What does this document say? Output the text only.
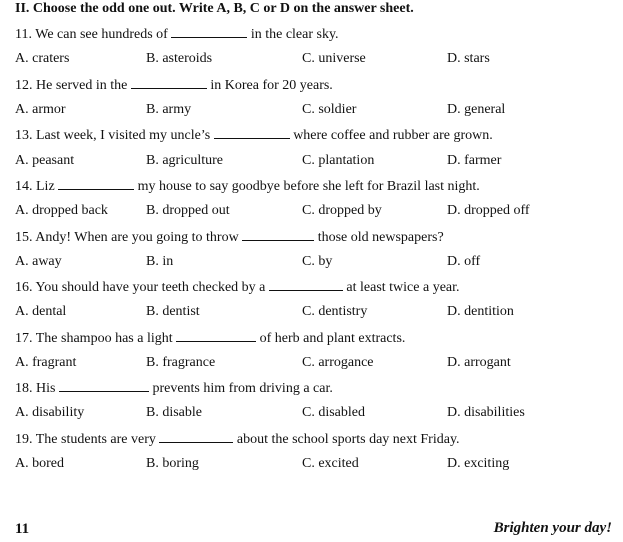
II. Choose the odd one out. Write A, B, C or D on the answer sheet.
11. We can see hundreds of	in the clear sky.
A. craters	B. asteroids	C. universe	D. stars
12. He served in the	in Korea for 20 years.
A. armor	B. army	C. soldier	D. general
13. Last week, I visited my uncle’s	where coffee and rubber are grown.
A. peasant	B. agriculture	C. plantation	D. farmer
14. Liz	my house to say goodbye before she left for Brazil last night.
A. dropped back	B. dropped out	C. dropped by	D. dropped off
15. Andy! When are you going to throw	those old newspapers?
A. away	B. in	C. by	D. off
16. You should have your teeth checked by a	at least twice a year.
A. dental	B. dentist	C. dentistry	D. dentition
17. The shampoo has a light	of herb and plant extracts.
A. fragrant	B. fragrance	C. arrogance	D. arrogant
18. His	prevents him from driving a car.
A. disability	B. disable	C. disabled	D. disabilities
19. The students are very	about the school sports day next Friday.
A. bored	B. boring	C. excited	D. exciting
11	Brighten your day!
